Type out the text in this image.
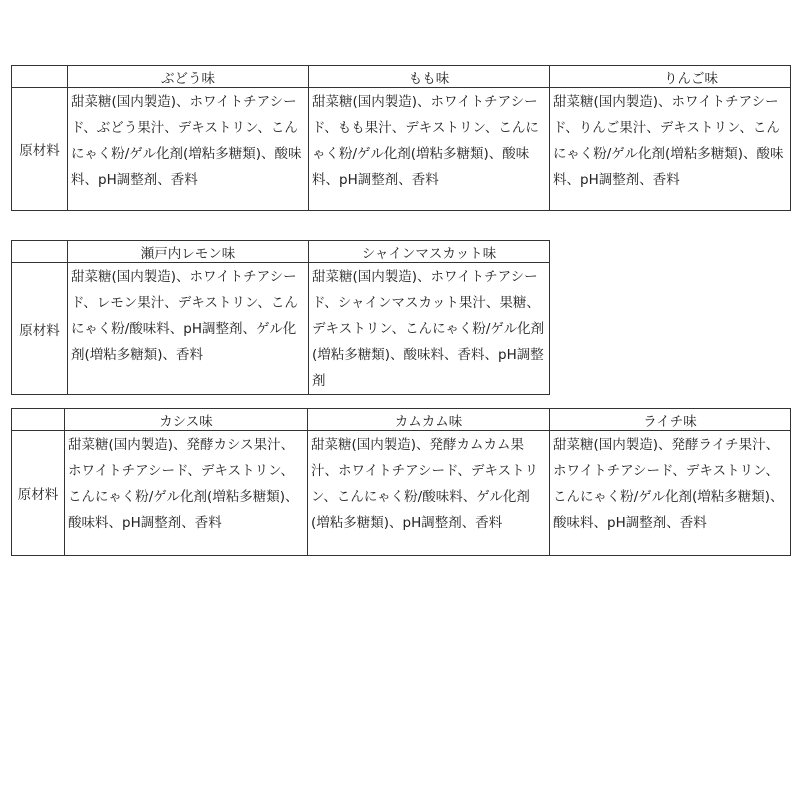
	ぶどう味	もも味	りんご味
原材料	甜菜糖(国内製造)、ホワイトチアシード、ぶどう果汁、デキストリン、こんにゃく粉/ゲル化剤(増粘多糖類)、酸味料、pH調整剤、香料	甜菜糖(国内製造)、ホワイトチアシード、もも果汁、デキストリン、こんにゃく粉/ゲル化剤(増粘多糖類)、酸味料、pH調整剤、香料	甜菜糖(国内製造)、ホワイトチアシード、りんご果汁、デキストリン、こんにゃく粉/ゲル化剤(増粘多糖類)、酸味料、pH調整剤、香料
	瀬戸内レモン味	シャインマスカット味
原材料	甜菜糖(国内製造)、ホワイトチアシード、レモン果汁、デキストリン、こんにゃく粉/酸味料、pH調整剤、ゲル化剤(増粘多糖類)、香料	甜菜糖(国内製造)、ホワイトチアシード、シャインマスカット果汁、果糖、デキストリン、こんにゃく粉/ゲル化剤(増粘多糖類)、酸味料、香料、pH調整剤
	カシス味	カムカム味	ライチ味
原材料	甜菜糖(国内製造)、発酵カシス果汁、ホワイトチアシード、デキストリン、こんにゃく粉/ゲル化剤(増粘多糖類)、酸味料、pH調整剤、香料	甜菜糖(国内製造)、発酵カムカム果汁、ホワイトチアシード、デキストリン、こんにゃく粉/酸味料、ゲル化剤(増粘多糖類)、pH調整剤、香料	甜菜糖(国内製造)、発酵ライチ果汁、ホワイトチアシード、デキストリン、こんにゃく粉/ゲル化剤(増粘多糖類)、酸味料、pH調整剤、香料
